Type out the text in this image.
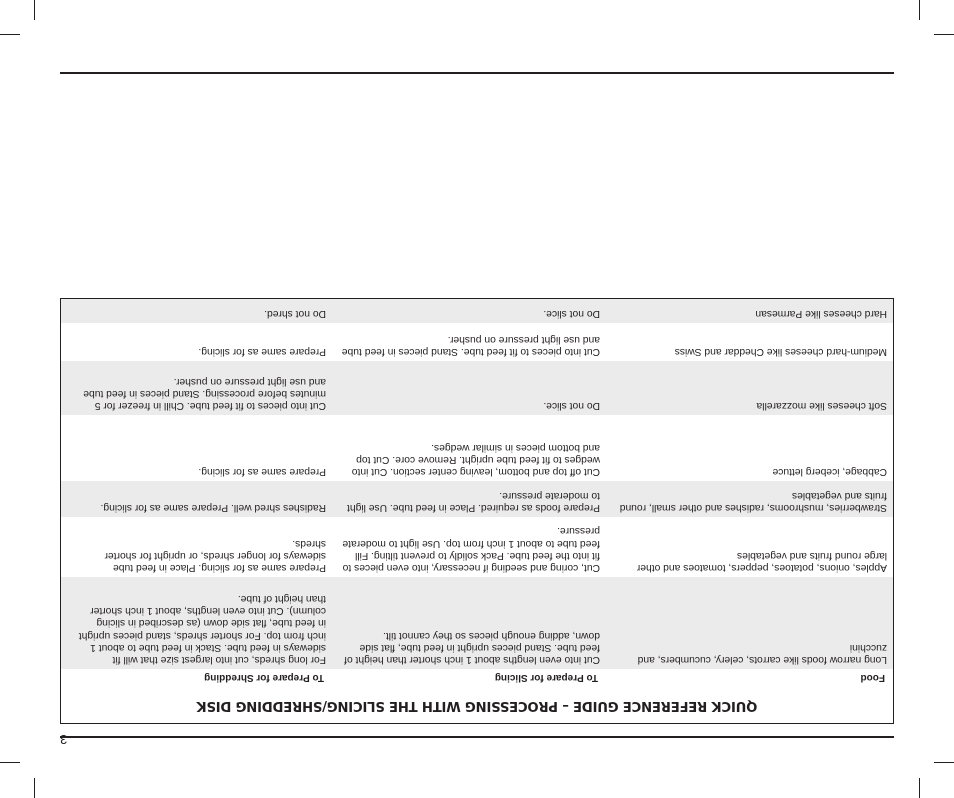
3
QUICK REFERENCE GUIDE – PROCESSING WITH THE SLICING/SHREDDING DISK
Food	To Prepare for Slicing	To Prepare for Shredding
Long narrow foods like carrots, celery, cucumbers, and zucchini	Cut into even lengths about 1 inch shorter than height of feed tube. Stand pieces upright in feed tube, flat side down, adding enough pieces so they cannot tilt.	For long shreds, cut into largest size that will fit sideways in feed tube. Stack in feed tube to about 1 inch from top. For shorter shreds, stand pieces upright in feed tube, flat side down (as described in slicing column). Cut into even lengths, about 1 inch shorter than height of tube.
Apples, onions, potatoes, peppers, tomatoes and other large round fruits and vegetables	Cut, coring and seeding if necessary, into even pieces to fit into the feed tube. Pack solidly to prevent tilting. Fill feed tube to about 1 inch from top. Use light to moderate pressure.	Prepare same as for slicing. Place in feed tube sideways for longer shreds, or upright for shorter shreds.
Strawberries, mushrooms, radishes and other small, round fruits and vegetables	Prepare foods as required. Place in feed tube. Use light to moderate pressure.	Radishes shred well. Prepare same as for slicing.
Cabbage, iceberg lettuce	Cut off top and bottom, leaving center section. Cut into wedges to fit feed tube upright. Remove core. Cut top and bottom pieces in similar wedges.	Prepare same as for slicing.
Soft cheeses like mozzarella	Do not slice.	Cut into pieces to fit feed tube. Chill in freezer for 5 minutes before processing. Stand pieces in feed tube and use light pressure on pusher.
Medium-hard cheeses like Cheddar and Swiss	Cut into pieces to fit feed tube. Stand pieces in feed tube and use light pressure on pusher.	Prepare same as for slicing.
Hard cheeses like Parmesan	Do not slice.	Do not shred.
